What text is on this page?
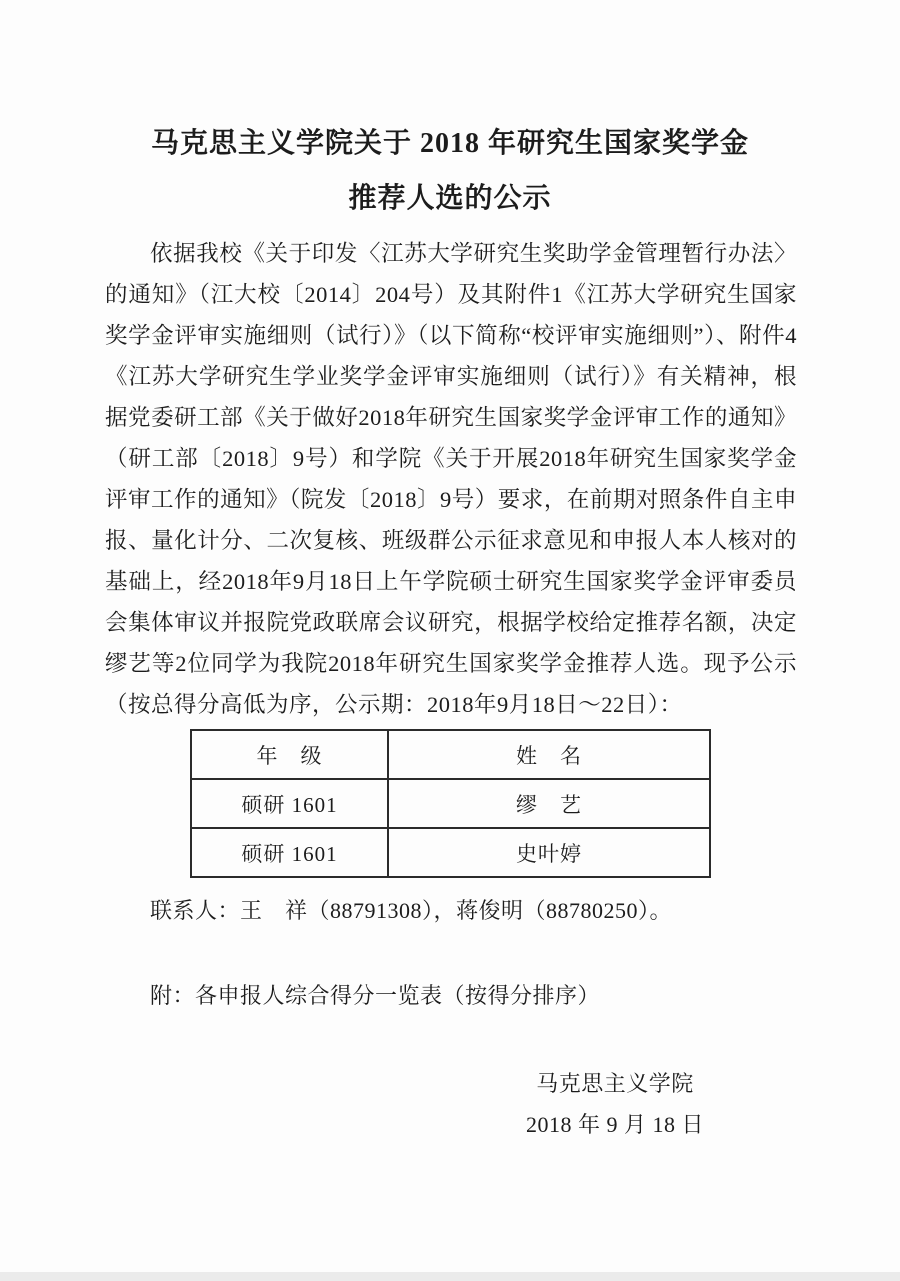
马克思主义学院关于 2018 年研究生国家奖学金
推荐人选的公示

依据我校《关于印发〈江苏大学研究生奖助学金管理暂行办法〉的通知》（江大校〔2014〕204号）及其附件1《江苏大学研究生国家奖学金评审实施细则（试行）》（以下简称“校评审实施细则”）、附件4《江苏大学研究生学业奖学金评审实施细则（试行）》有关精神，根据党委研工部《关于做好2018年研究生国家奖学金评审工作的通知》（研工部〔2018〕9号）和学院《关于开展2018年研究生国家奖学金评审工作的通知》（院发〔2018〕9号）要求，在前期对照条件自主申报、量化计分、二次复核、班级群公示征求意见和申报人本人核对的基础上，经2018年9月18日上午学院硕士研究生国家奖学金评审委员会集体审议并报院党政联席会议研究，根据学校给定推荐名额，决定缪艺等2位同学为我院2018年研究生国家奖学金推荐人选。现予公示（按总得分高低为序，公示期：2018年9月18日～22日）：

年　级	姓　名
硕研 1601	缪　艺
硕研 1601	史叶婷

联系人：王　祥（88791308），蒋俊明（88780250）。

附：各申报人综合得分一览表（按得分排序）

马克思主义学院
2018 年 9 月 18 日
